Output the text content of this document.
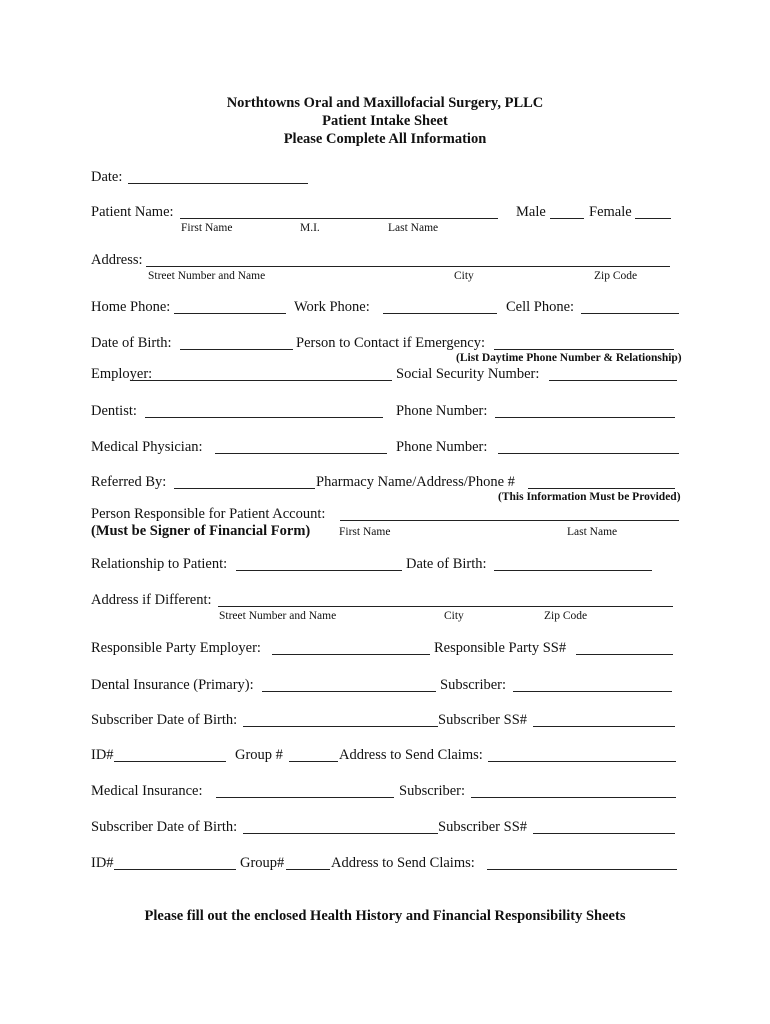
Northtowns Oral and Maxillofacial Surgery, PLLC
Patient Intake Sheet
Please Complete All Information
Date:
Patient Name:	Male	Female
First Name	M.I.	Last Name
Address:
Street Number and Name	City	Zip Code
Home Phone:	Work Phone:	Cell Phone:
Date of Birth:	Person to Contact if Emergency:
(List Daytime Phone Number & Relationship)
Employer:	Social Security Number:
Dentist:	Phone Number:
Medical Physician:	Phone Number:
Referred By:	Pharmacy Name/Address/Phone #
(This Information Must be Provided)
Person Responsible for Patient Account:
(Must be Signer of Financial Form)	First Name	Last Name
Relationship to Patient:	Date of Birth:
Address if Different:
Street Number and Name	City	Zip Code
Responsible Party Employer:	Responsible Party SS#
Dental Insurance (Primary):	Subscriber:
Subscriber Date of Birth:	Subscriber SS#
ID#	Group #	Address to Send Claims:
Medical Insurance:	Subscriber:
Subscriber Date of Birth:	Subscriber SS#
ID#	Group#	Address to Send Claims:
Please fill out the enclosed Health History and Financial Responsibility Sheets
